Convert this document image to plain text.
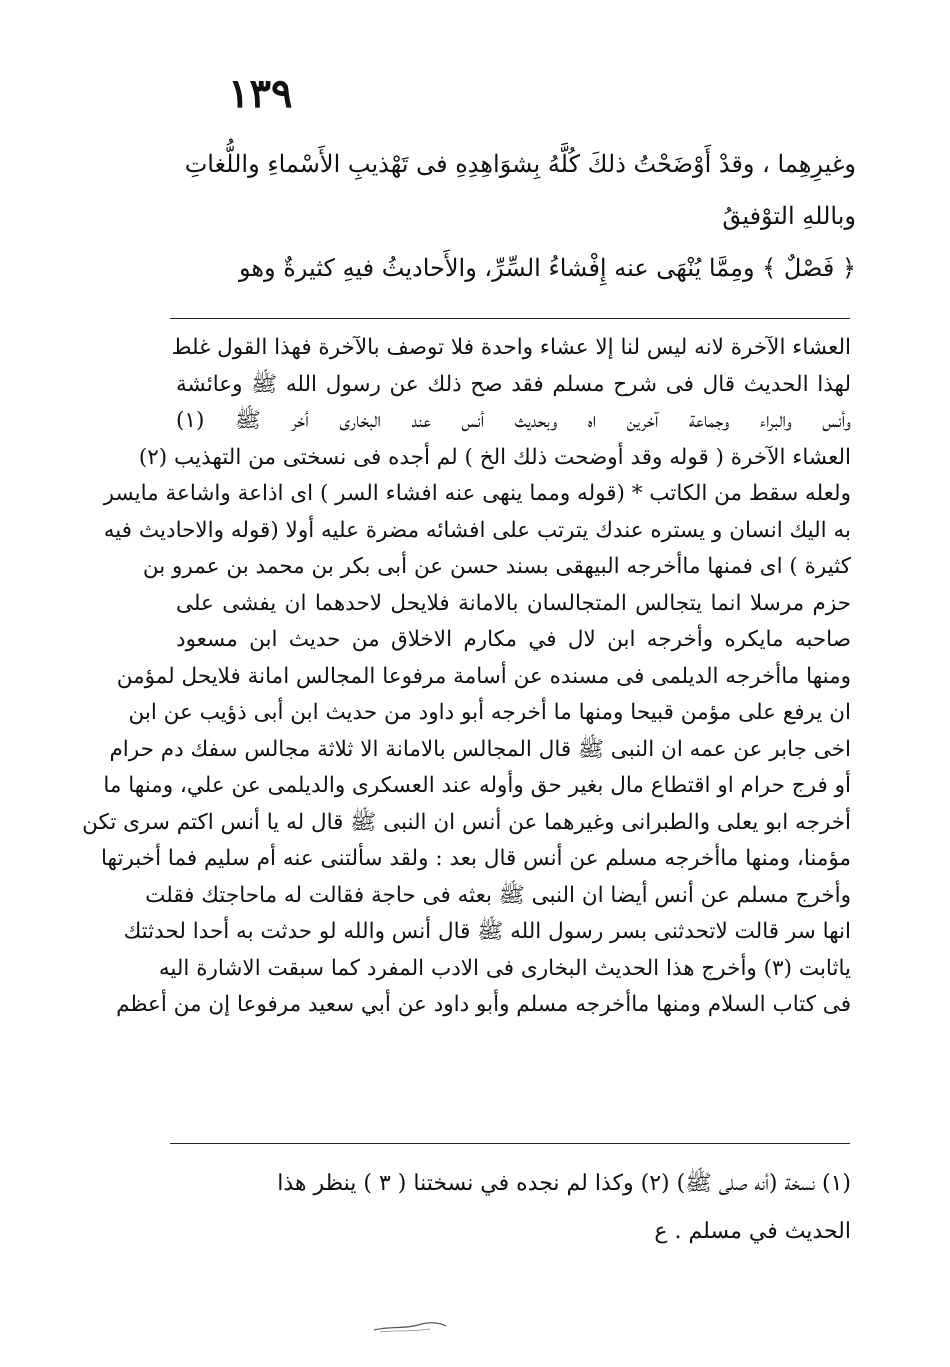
١٣٩
وغيرِهِما ، وقدْ أَوْضَحْتُ ذلكَ كُلَّهُ بِشوَاهِدِهِ فى تَهْذيبِ الأَسْماءِ واللُّغاتِ
وباللهِ التوْفيقُ
﴿ فَصْلٌ ﴾ ومِمَّا يُنْهَى عنه إِفْشاءُ السِّرِّ، والأَحاديثُ فيهِ كثيرةٌ وهو
العشاء الآخرة لانه ليس لنا إلا عشاء واحدة فلا توصف بالآخرة فهذا القول غلط
لهذا الحديث قال فى شرح مسلم فقد صح ذلك عن رسول الله ﷺ وعائشة
وأنس والبراء وجماعة آخرين اه وبحديث أنس عند البخارى أخر ﷺ (١)
العشاء الآخرة ( قوله وقد أوضحت ذلك الخ ) لم أجده فى نسختى من التهذيب (٢)
ولعله سقط من الكاتب * (قوله ومما ينهى عنه افشاء السر ) اى اذاعة واشاعة مايسر
به اليك انسان و يستره عندك يترتب على افشائه مضرة عليه أولا (قوله والاحاديث فيه
كثيرة ) اى فمنها ماأخرجه البيهقى بسند حسن عن أبى بكر بن محمد بن عمرو بن
حزم مرسلا انما يتجالس المتجالسان بالامانة فلايحل لاحدهما ان يفشى على
صاحبه مايكره وأخرجه ابن لال في مكارم الاخلاق من حديث ابن مسعود
ومنها ماأخرجه الديلمى فى مسنده عن أسامة مرفوعا المجالس امانة فلايحل لمؤمن
ان يرفع على مؤمن قبيحا ومنها ما أخرجه أبو داود من حديث ابن أبى ذؤيب عن ابن
اخى جابر عن عمه ان النبى ﷺ قال المجالس بالامانة الا ثلاثة مجالس سفك دم حرام
أو فرج حرام او اقتطاع مال بغير حق وأوله عند العسكرى والديلمى عن علي، ومنها ما
أخرجه ابو يعلى والطبرانى وغيرهما عن أنس ان النبى ﷺ قال له يا أنس اكتم سرى تكن
مؤمنا، ومنها ماأخرجه مسلم عن أنس قال بعد : ولقد سألتنى عنه أم سليم فما أخبرتها
وأخرج مسلم عن أنس أيضا ان النبى ﷺ بعثه فى حاجة فقالت له ماحاجتك فقلت
انها سر قالت لاتحدثنى بسر رسول الله ﷺ قال أنس والله لو حدثت به أحدا لحدثتك
ياثابت (٣) وأخرج هذا الحديث البخارى فى الادب المفرد كما سبقت الاشارة اليه
فى كتاب السلام ومنها ماأخرجه مسلم وأبو داود عن أبي سعيد مرفوعا إن من أعظم
(١) نسخة (أنه صلى ﷺ) (٢) وكذا لم نجده في نسختنا ( ٣ ) ينظر هذا
الحديث في مسلم . ع
